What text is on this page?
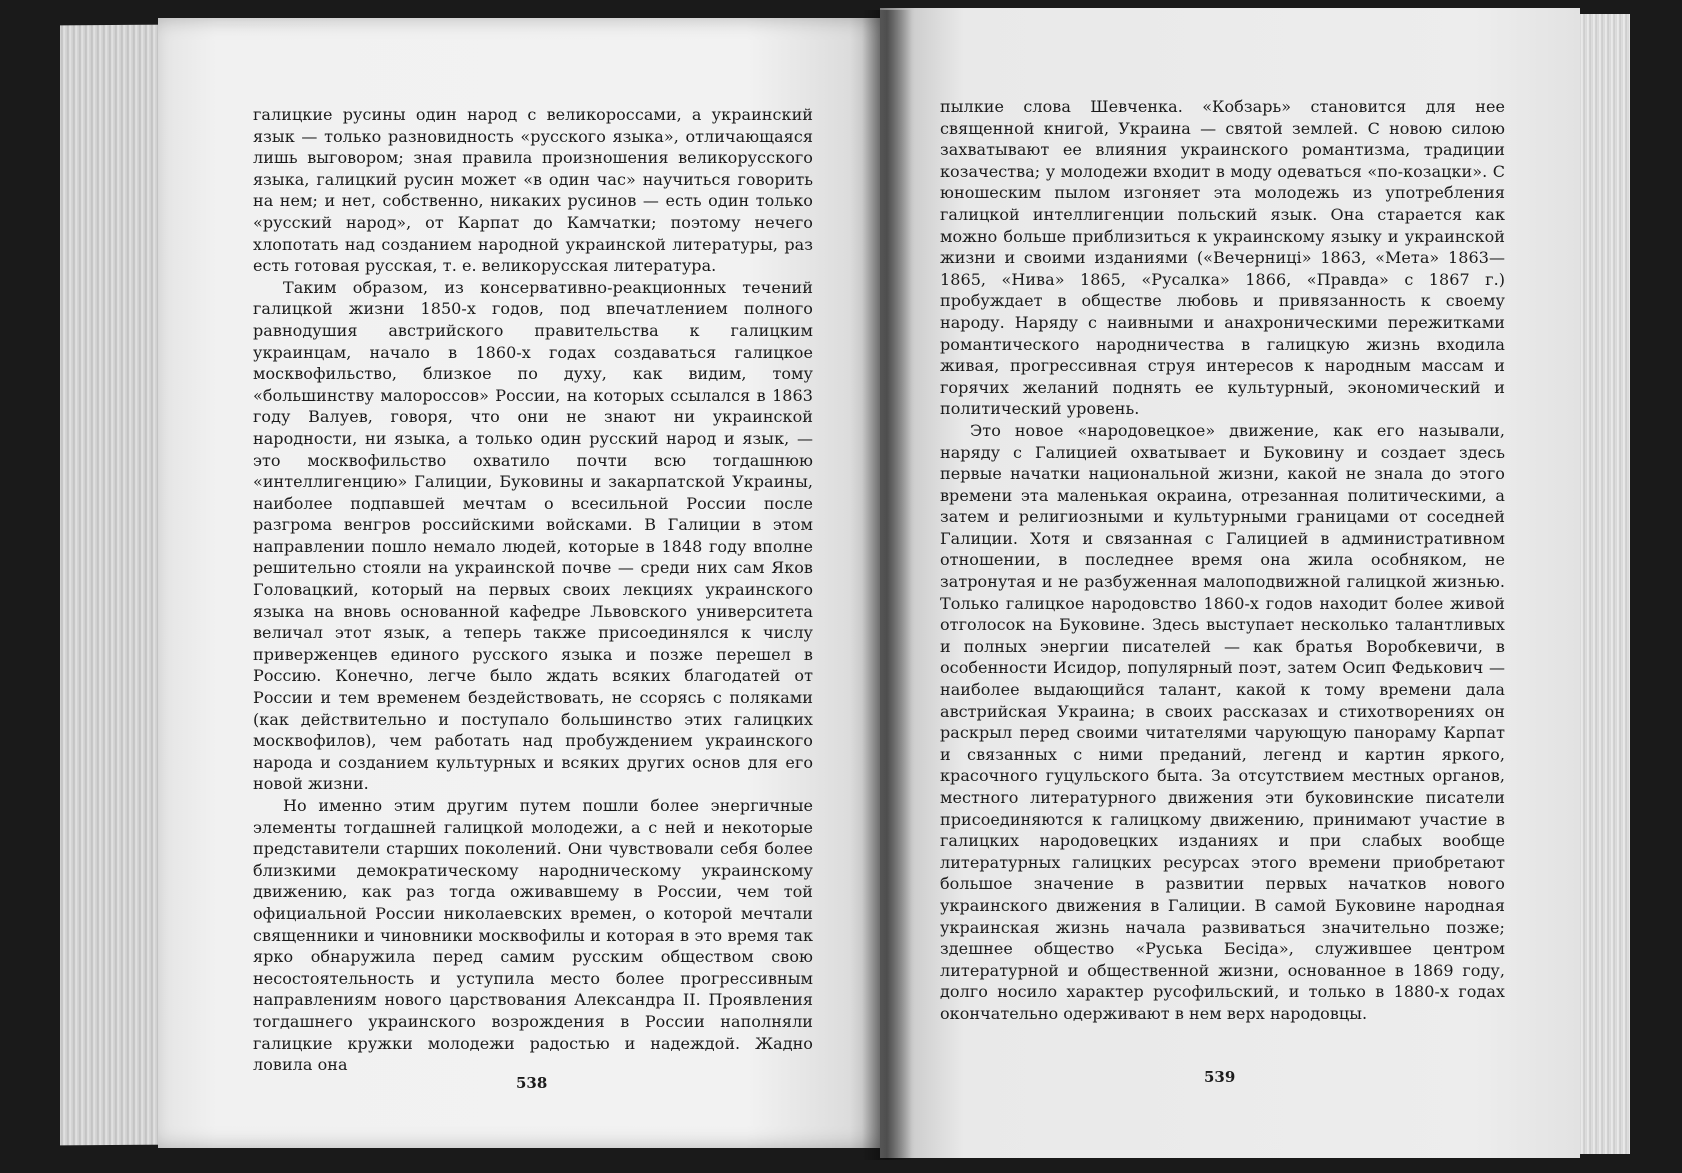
галицкие русины один народ с великороссами, а украинский язык — только разновидность «русского языка», отличающаяся лишь выговором; зная правила произношения великорусского языка, галицкий русин может «в один час» научиться говорить на нем; и нет, собственно, никаких русинов — есть один только «русский народ», от Карпат до Камчатки; поэтому нечего хлопотать над созданием народной украинской литературы, раз есть готовая русская, т. е. великорусская литература.

Таким образом, из консервативно-реакционных течений галицкой жизни 1850-х годов, под впечатлением полного равнодушия австрийского правительства к галицким украинцам, начало в 1860-х годах создаваться галицкое москвофильство, близкое по духу, как видим, тому «большинству малороссов» России, на которых ссылался в 1863 году Валуев, говоря, что они не знают ни украинской народности, ни языка, а только один русский народ и язык, — это москвофильство охватило почти всю тогдашнюю «интеллигенцию» Галиции, Буковины и закарпатской Украины, наиболее подпавшей мечтам о всесильной России после разгрома венгров российскими войсками. В Галиции в этом направлении пошло немало людей, которые в 1848 году вполне решительно стояли на украинской почве — среди них сам Яков Головацкий, который на первых своих лекциях украинского языка на вновь основанной кафедре Львовского университета величал этот язык, а теперь также присоединялся к числу приверженцев единого русского языка и позже перешел в Россию. Конечно, легче было ждать всяких благодатей от России и тем временем бездействовать, не ссорясь с поляками (как действительно и поступало большинство этих галицких москвофилов), чем работать над пробуждением украинского народа и созданием культурных и всяких других основ для его новой жизни.

Но именно этим другим путем пошли более энергичные элементы тогдашней галицкой молодежи, а с ней и некоторые представители старших поколений. Они чувствовали себя более близкими демократическому народническому украинскому движению, как раз тогда оживавшему в России, чем той официальной России николаевских времен, о которой мечтали священники и чиновники москвофилы и которая в это время так ярко обнаружила перед самим русским обществом свою несостоятельность и уступила место более прогрессивным направлениям нового царствования Александра II. Проявления тогдашнего украинского возрождения в России наполняли галицкие кружки молодежи радостью и надеждой. Жадно ловила она

пылкие слова Шевченка. «Кобзарь» становится для нее священной книгой, Украина — святой землей. С новою силою захватывают ее влияния украинского романтизма, традиции козачества; у молодежи входит в моду одеваться «по-козацки». С юношеским пылом изгоняет эта молодежь из употребления галицкой интеллигенции польский язык. Она старается как можно больше приблизиться к украинскому языку и украинской жизни и своими изданиями («Вечерниці» 1863, «Мета» 1863—1865, «Нива» 1865, «Русалка» 1866, «Правда» с 1867 г.) пробуждает в обществе любовь и привязанность к своему народу. Наряду с наивными и анахроническими пережитками романтического народничества в галицкую жизнь входила живая, прогрессивная струя интересов к народным массам и горячих желаний поднять ее культурный, экономический и политический уровень.

Это новое «народовецкое» движение, как его называли, наряду с Галицией охватывает и Буковину и создает здесь первые начатки национальной жизни, какой не знала до этого времени эта маленькая окраина, отрезанная политическими, а затем и религиозными и культурными границами от соседней Галиции. Хотя и связанная с Галицией в административном отношении, в последнее время она жила особняком, не затронутая и не разбуженная малоподвижной галицкой жизнью. Только галицкое народовство 1860-х годов находит более живой отголосок на Буковине. Здесь выступает несколько талантливых и полных энергии писателей — как братья Воробкевичи, в особенности Исидор, популярный поэт, затем Осип Федькович — наиболее выдающийся талант, какой к тому времени дала австрийская Украина; в своих рассказах и стихотворениях он раскрыл перед своими читателями чарующую панораму Карпат и связанных с ними преданий, легенд и картин яркого, красочного гуцульского быта. За отсутствием местных органов, местного литературного движения эти буковинские писатели присоединяются к галицкому движению, принимают участие в галицких народовецких изданиях и при слабых вообще литературных галицких ресурсах этого времени приобретают большое значение в развитии первых начатков нового украинского движения в Галиции. В самой Буковине народная украинская жизнь начала развиваться значительно позже; здешнее общество «Руська Бесіда», служившее центром литературной и общественной жизни, основанное в 1869 году, долго носило характер русофильский, и только в 1880-х годах окончательно одерживают в нем верх народовцы.

538	539
